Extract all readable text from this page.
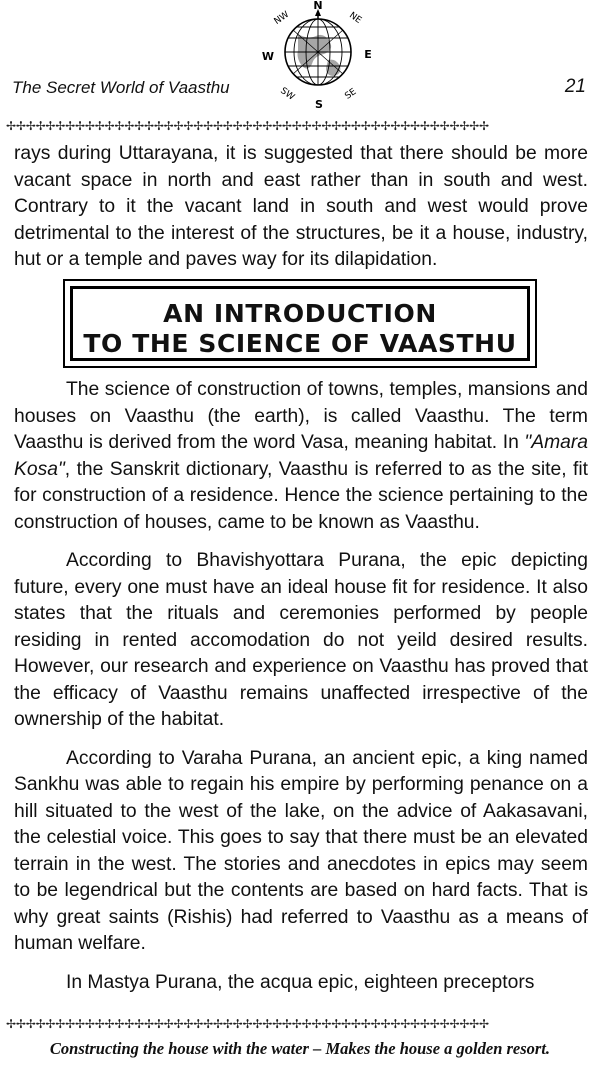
The Secret World of Vaasthu
N
NW	NE
W	E
SW	SE
S
21
✢✢✢✢✢✢✢✢✢✢✢✢✢✢✢✢✢✢✢✢✢✢✢✢✢✢✢✢✢✢✢✢✢✢✢✢✢✢✢✢✢✢✢✢✢✢✢✢✢

rays during Uttarayana, it is suggested that there should be more vacant space in north and east rather than in south and west. Contrary to it the vacant land in south and west would prove detrimental to the interest of the structures, be it a house, industry, hut or a temple and paves way for its dilapidation.

AN INTRODUCTION
TO THE SCIENCE OF VAASTHU

The science of construction of towns, temples, mansions and houses on Vaasthu (the earth), is called Vaasthu. The term Vaasthu is derived from the word Vasa, meaning habitat. In "Amara Kosa", the Sanskrit dictionary, Vaasthu is referred to as the site, fit for construction of a residence. Hence the science pertaining to the construction of houses, came to be known as Vaasthu.

According to Bhavishyottara Purana, the epic depicting future, every one must have an ideal house fit for residence. It also states that the rituals and ceremonies performed by people residing in rented accomodation do not yeild desired results. However, our research and experience on Vaasthu has proved that the efficacy of Vaasthu remains unaffected irrespective of the ownership of the habitat.

According to Varaha Purana, an ancient epic, a king named Sankhu was able to regain his empire by performing penance on a hill situated to the west of the lake, on the advice of Aakasavani, the celestial voice. This goes to say that there must be an elevated terrain in the west. The stories and anecdotes in epics may seem to be legendrical but the contents are based on hard facts. That is why great saints (Rishis) had referred to Vaasthu as a means of human welfare.

In Mastya Purana, the acqua epic, eighteen preceptors

✢✢✢✢✢✢✢✢✢✢✢✢✢✢✢✢✢✢✢✢✢✢✢✢✢✢✢✢✢✢✢✢✢✢✢✢✢✢✢✢✢✢✢✢✢✢✢✢✢
Constructing the house with the water – Makes the house a golden resort.
